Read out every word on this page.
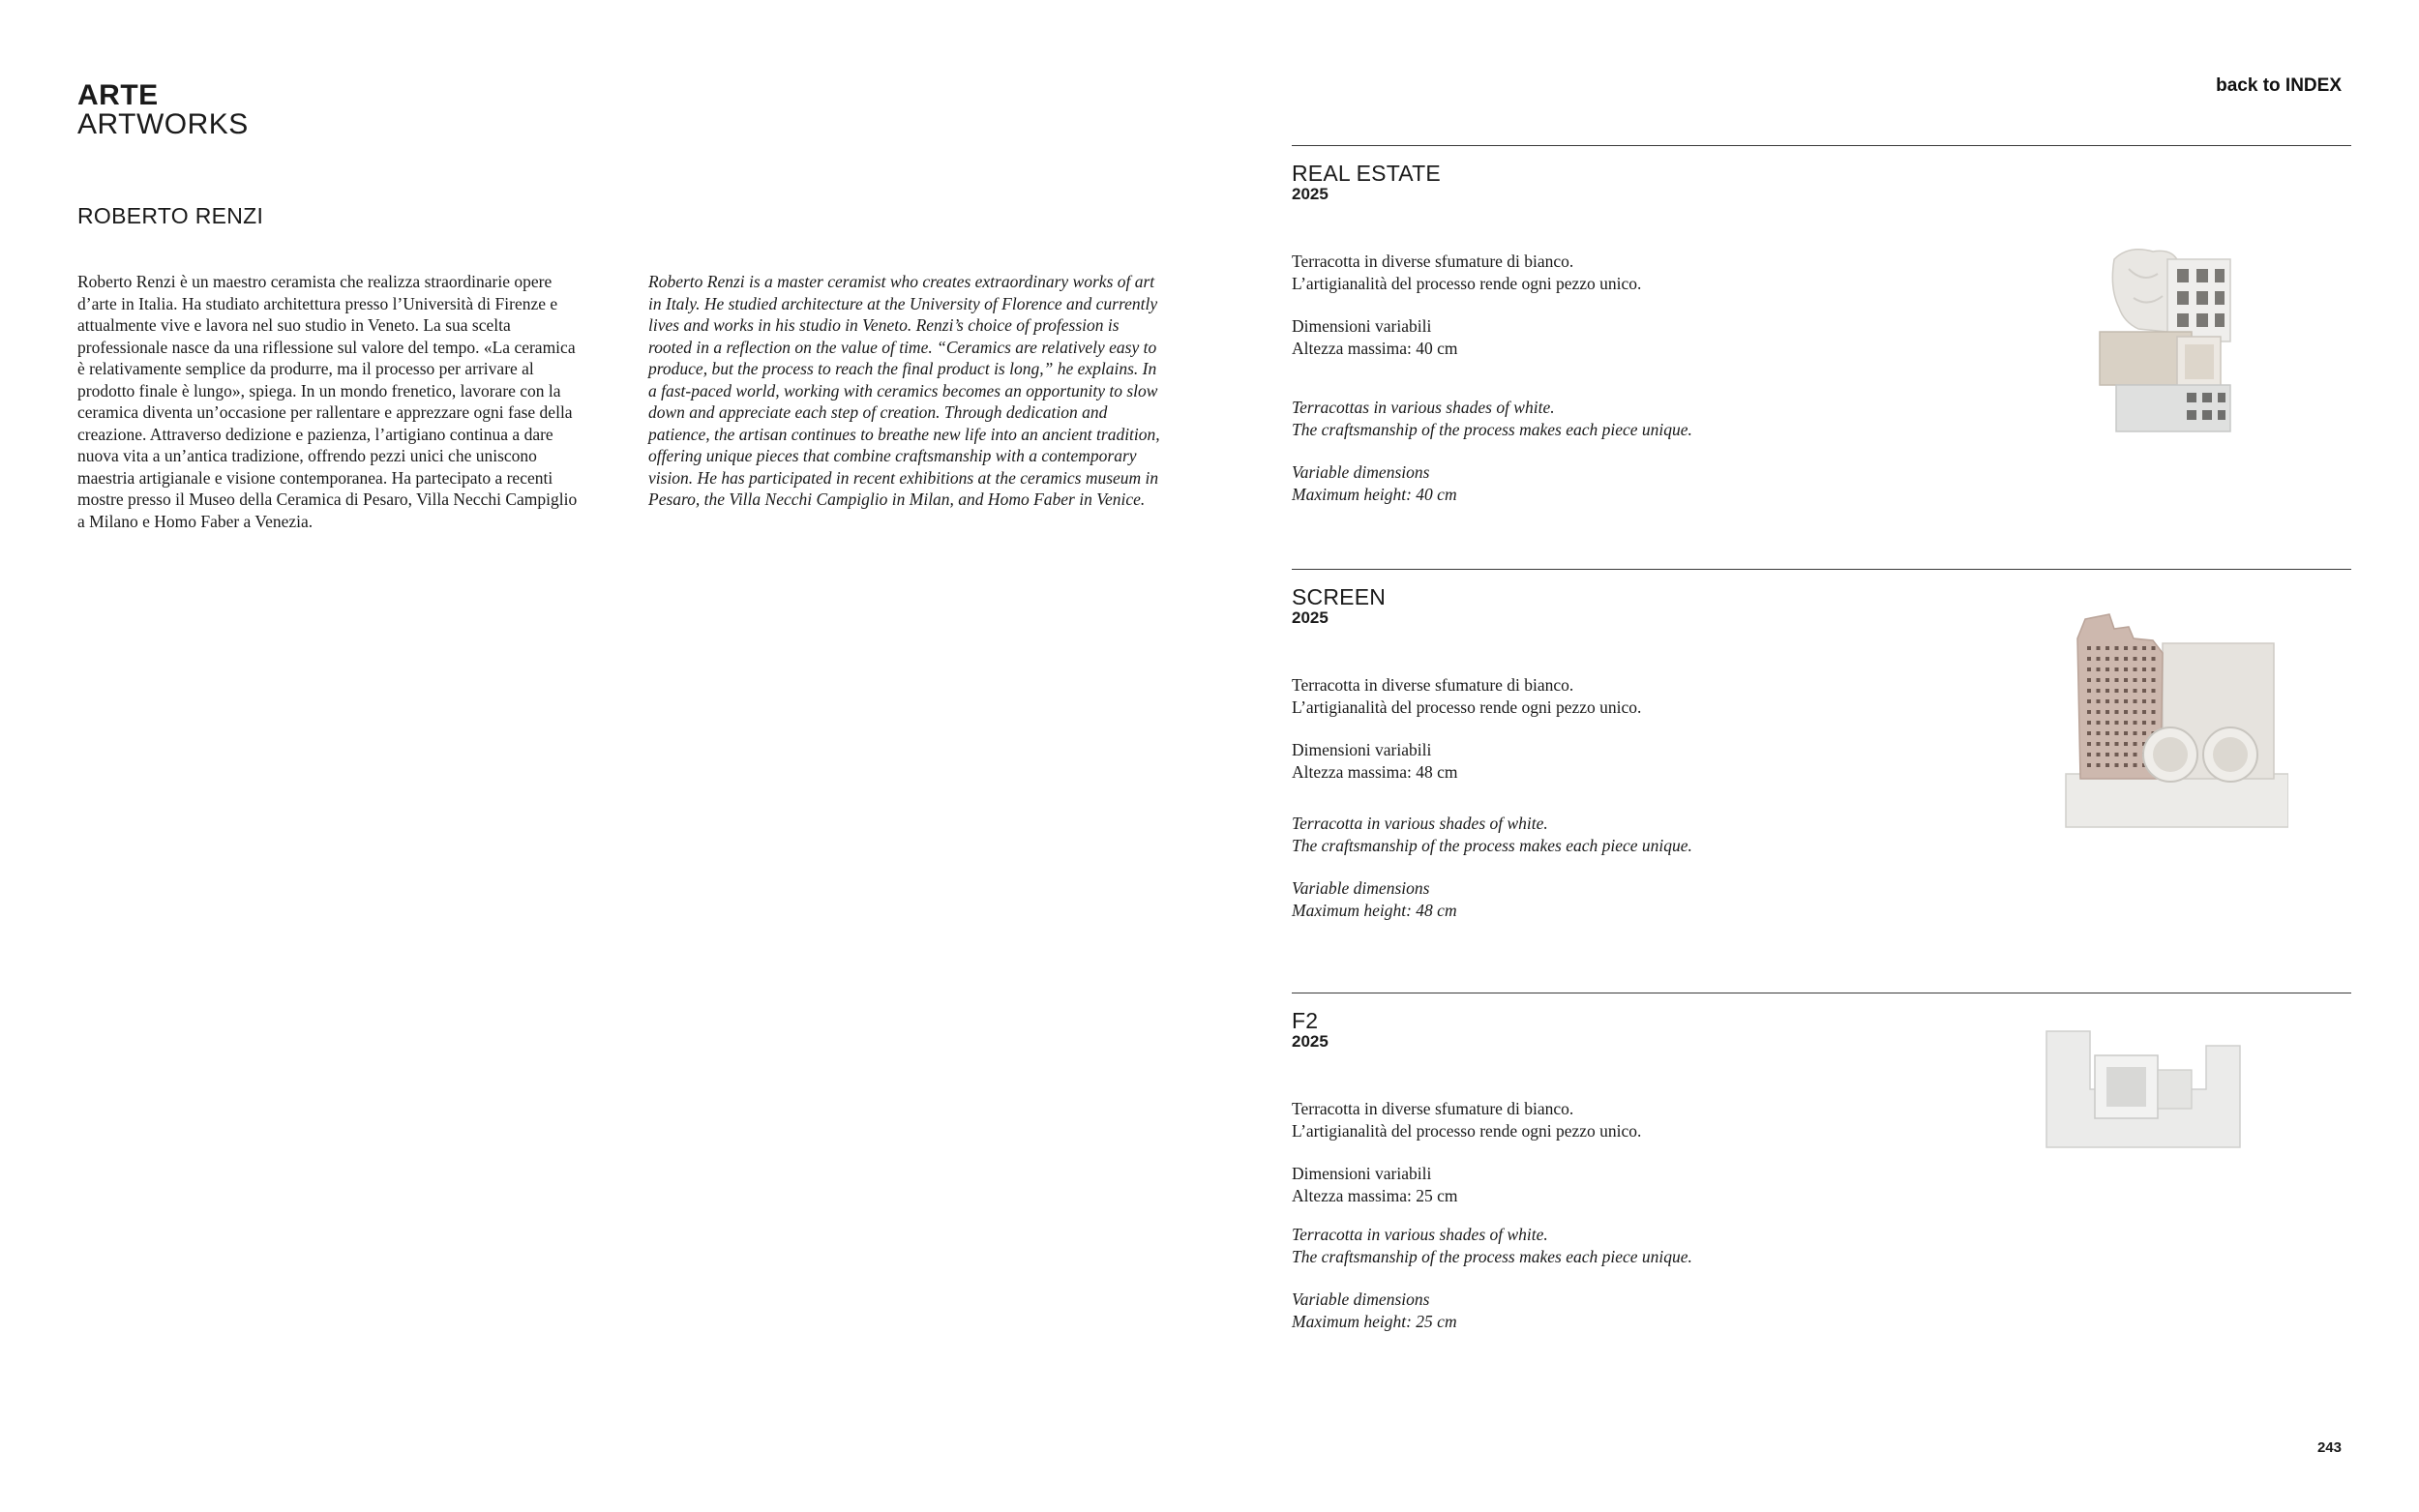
ARTE
ARTWORKS
back to INDEX
ROBERTO RENZI

Roberto Renzi è un maestro ceramista che realizza straordinarie opere d’arte in Italia. Ha studiato architettura presso l’Università di Firenze e attualmente vive e lavora nel suo studio in Veneto. La sua scelta professionale nasce da una riflessione sul valore del tempo. «La ceramica è relativamente semplice da produrre, ma il processo per arrivare al prodotto finale è lungo», spiega. In un mondo frenetico, lavorare con la ceramica diventa un’occasione per rallentare e apprezzare ogni fase della creazione. Attraverso dedizione e pazienza, l’artigiano continua a dare nuova vita a un’antica tradizione, offrendo pezzi unici che uniscono maestria artigianale e visione contemporanea. Ha partecipato a recenti mostre presso il Museo della Ceramica di Pesaro, Villa Necchi Campiglio a Milano e Homo Faber a Venezia.

Roberto Renzi is a master ceramist who creates extraordinary works of art in Italy. He studied architecture at the University of Florence and currently lives and works in his studio in Veneto. Renzi’s choice of profession is rooted in a reflection on the value of time. “Ceramics are relatively easy to produce, but the process to reach the final product is long,” he explains. In a fast-paced world, working with ceramics becomes an opportunity to slow down and appreciate each step of creation. Through dedication and patience, the artisan continues to breathe new life into an ancient tradition, offering unique pieces that combine craftsmanship with a contemporary vision. He has participated in recent exhibitions at the ceramics museum in Pesaro, the Villa Necchi Campiglio in Milan, and Homo Faber in Venice.

REAL ESTATE
2025

Terracotta in diverse sfumature di bianco.

L’artigianalità del processo rende ogni pezzo unico.

Dimensioni variabili

Altezza massima: 40 cm

Terracottas in various shades of white.

The craftsmanship of the process makes each piece unique.

Variable dimensions

Maximum height: 40 cm

SCREEN
2025

Terracotta in diverse sfumature di bianco.

L’artigianalità del processo rende ogni pezzo unico.

Dimensioni variabili

Altezza massima: 48 cm

Terracotta in various shades of white.

The craftsmanship of the process makes each piece unique.

Variable dimensions

Maximum height: 48 cm

F2
2025

Terracotta in diverse sfumature di bianco.

L’artigianalità del processo rende ogni pezzo unico.

Dimensioni variabili

Altezza massima: 25 cm

Terracotta in various shades of white.

The craftsmanship of the process makes each piece unique.

Variable dimensions

Maximum height: 25 cm

243
